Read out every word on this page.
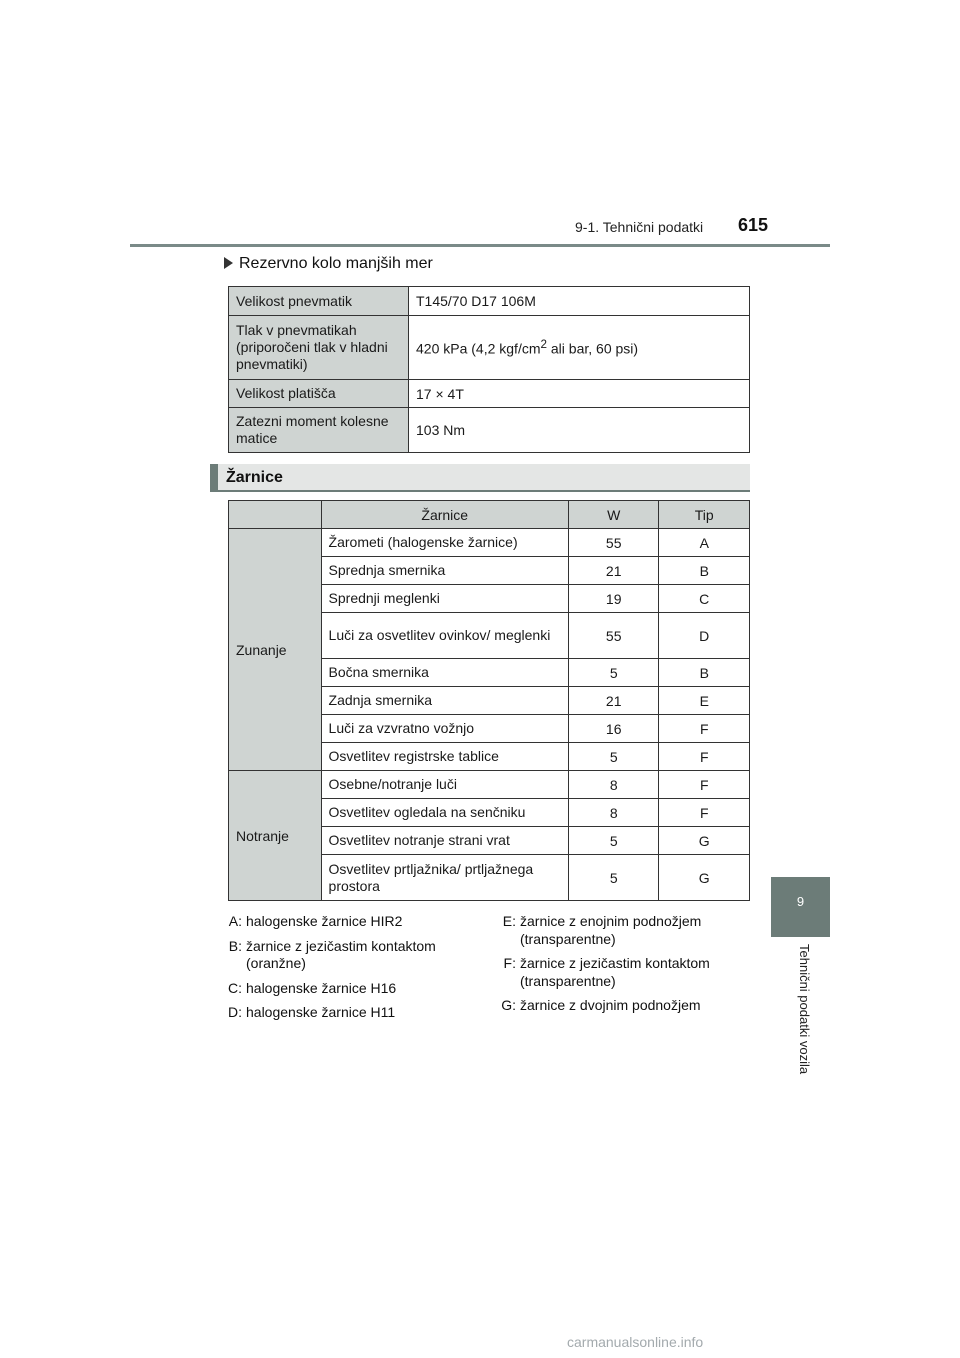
9-1. Tehnični podatki 615
9
Tehnični podatki vozila
Rezervno kolo manjših mer
Velikost pnevmatik	T145/70 D17 106M
Tlak v pnevmatikah (priporočeni tlak v hladni pnevmatiki)	420 kPa (4,2 kgf/$cm^2$ ali bar, 60 psi)
Velikost platišča	17 × 4T
Zatezni moment kolesne matice	103 Nm
Žarnice
	Žarnice	W	Tip
Zunanje	Žarometi (halogenske žarnice)	55	A
	Sprednja smernika	21	B
	Sprednji meglenki	19	C
	Luči za osvetlitev ovinkov/ meglenki	55	D
	Bočna smernika	5	B
	Zadnja smernika	21	E
	Luči za vzvratno vožnjo	16	F
	Osvetlitev registrske tablice	5	F
Notranje	Osebne/notranje luči	8	F
	Osvetlitev ogledala na senčniku	8	F
	Osvetlitev notranje strani vrat	5	G
	Osvetlitev prtljažnika/ prtljažnega prostora	5	G
A: halogenske žarnice HIR2
B: žarnice z jezičastim kontaktom (oranžne)
C: halogenske žarnice H16
D: halogenske žarnice H11
E: žarnice z enojnim podnožjem (transparentne)
F: žarnice z jezičastim kontaktom (transparentne)
G: žarnice z dvojnim podnožjem
carmanualsonline.info
